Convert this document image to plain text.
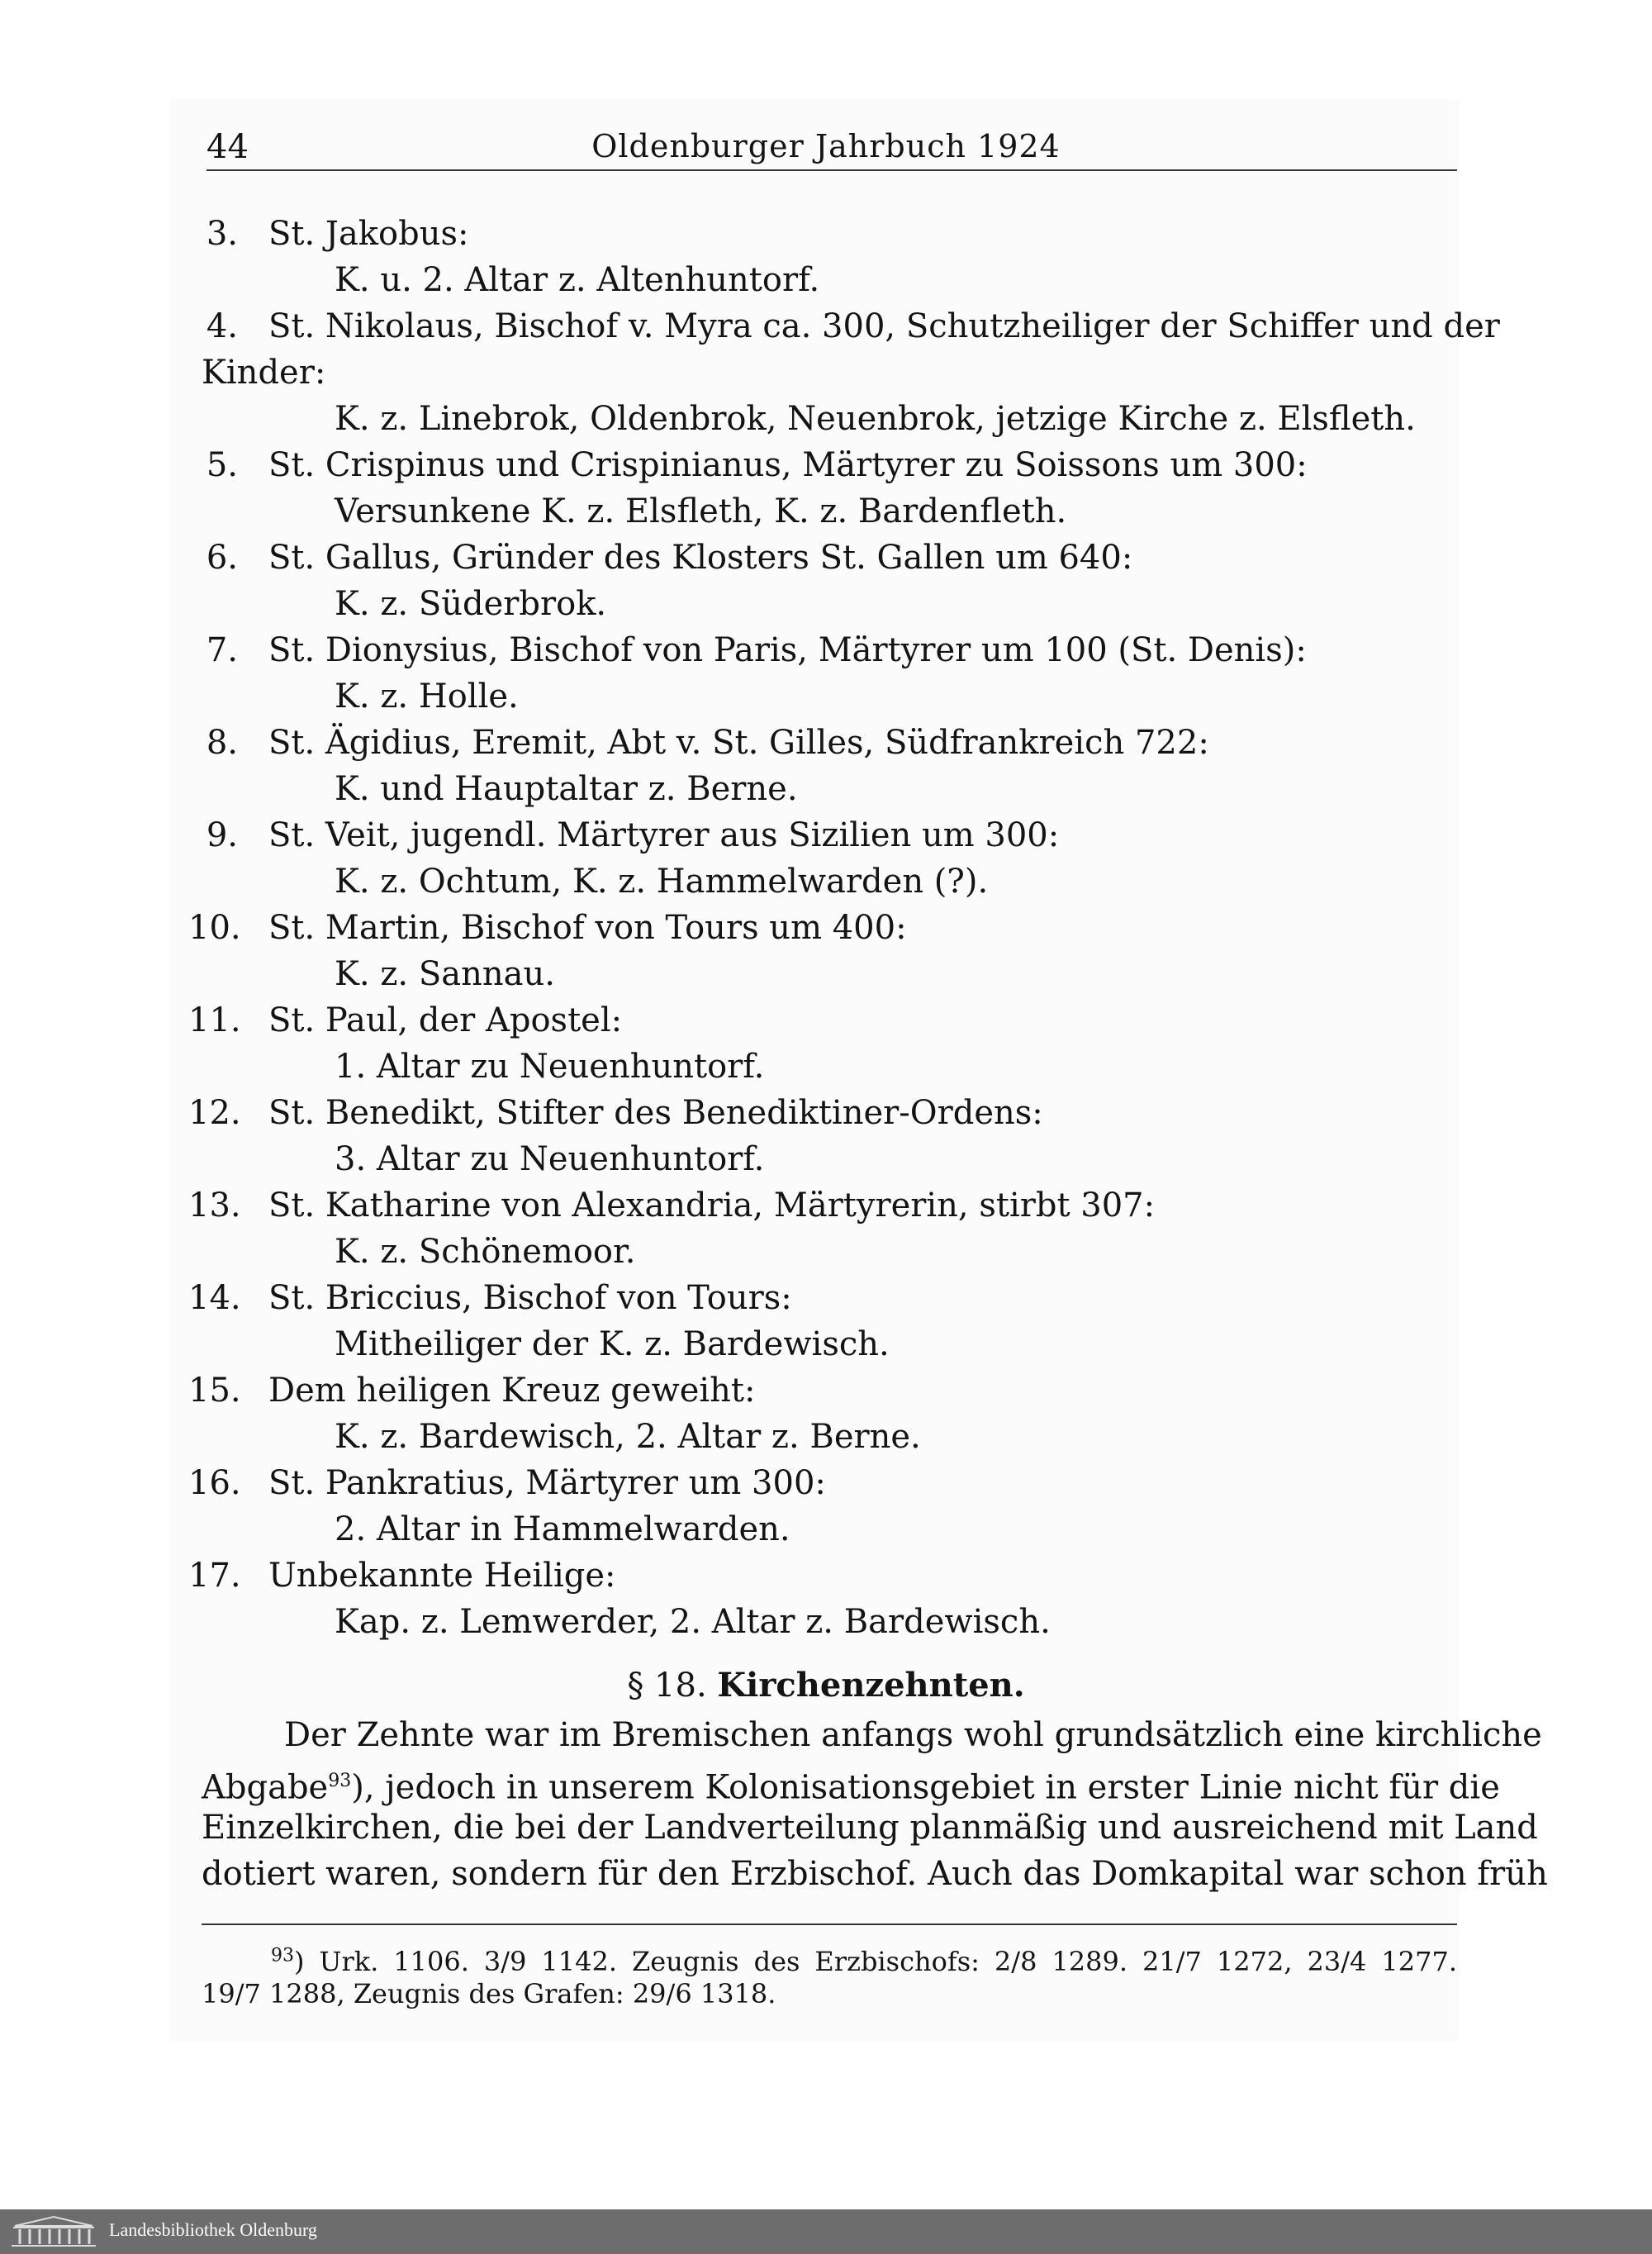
44	Oldenburger Jahrbuch 1924
3. St. Jakobus:
K. u. 2. Altar z. Altenhuntorf.
4. St. Nikolaus, Bischof v. Myra ca. 300, Schutzheiliger der Schiffer und der
Kinder:
K. z. Linebrok, Oldenbrok, Neuenbrok, jetzige Kirche z. Elsfleth.
5. St. Crispinus und Crispinianus, Märtyrer zu Soissons um 300:
Versunkene K. z. Elsfleth, K. z. Bardenfleth.
6. St. Gallus, Gründer des Klosters St. Gallen um 640:
K. z. Süderbrok.
7. St. Dionysius, Bischof von Paris, Märtyrer um 100 (St. Denis):
K. z. Holle.
8. St. Ägidius, Eremit, Abt v. St. Gilles, Südfrankreich 722:
K. und Hauptaltar z. Berne.
9. St. Veit, jugendl. Märtyrer aus Sizilien um 300:
K. z. Ochtum, K. z. Hammelwarden (?).
10. St. Martin, Bischof von Tours um 400:
K. z. Sannau.
11. St. Paul, der Apostel:
1. Altar zu Neuenhuntorf.
12. St. Benedikt, Stifter des Benediktiner-Ordens:
3. Altar zu Neuenhuntorf.
13. St. Katharine von Alexandria, Märtyrerin, stirbt 307:
K. z. Schönemoor.
14. St. Briccius, Bischof von Tours:
Mitheiliger der K. z. Bardewisch.
15. Dem heiligen Kreuz geweiht:
K. z. Bardewisch, 2. Altar z. Berne.
16. St. Pankratius, Märtyrer um 300:
2. Altar in Hammelwarden.
17. Unbekannte Heilige:
Kap. z. Lemwerder, 2. Altar z. Bardewisch.
§ 18. Kirchenzehnten.
Der Zehnte war im Bremischen anfangs wohl grundsätzlich eine kirchliche
Abgabe$^{93}$), jedoch in unserem Kolonisationsgebiet in erster Linie nicht für die
Einzelkirchen, die bei der Landverteilung planmäßig und ausreichend mit Land
dotiert waren, sondern für den Erzbischof. Auch das Domkapital war schon früh
$^{93}$) Urk. 1106. 3/9 1142. Zeugnis des Erzbischofs: 2/8 1289. 21/7 1272, 23/4 1277.
19/7 1288, Zeugnis des Grafen: 29/6 1318.
Landesbibliothek Oldenburg
